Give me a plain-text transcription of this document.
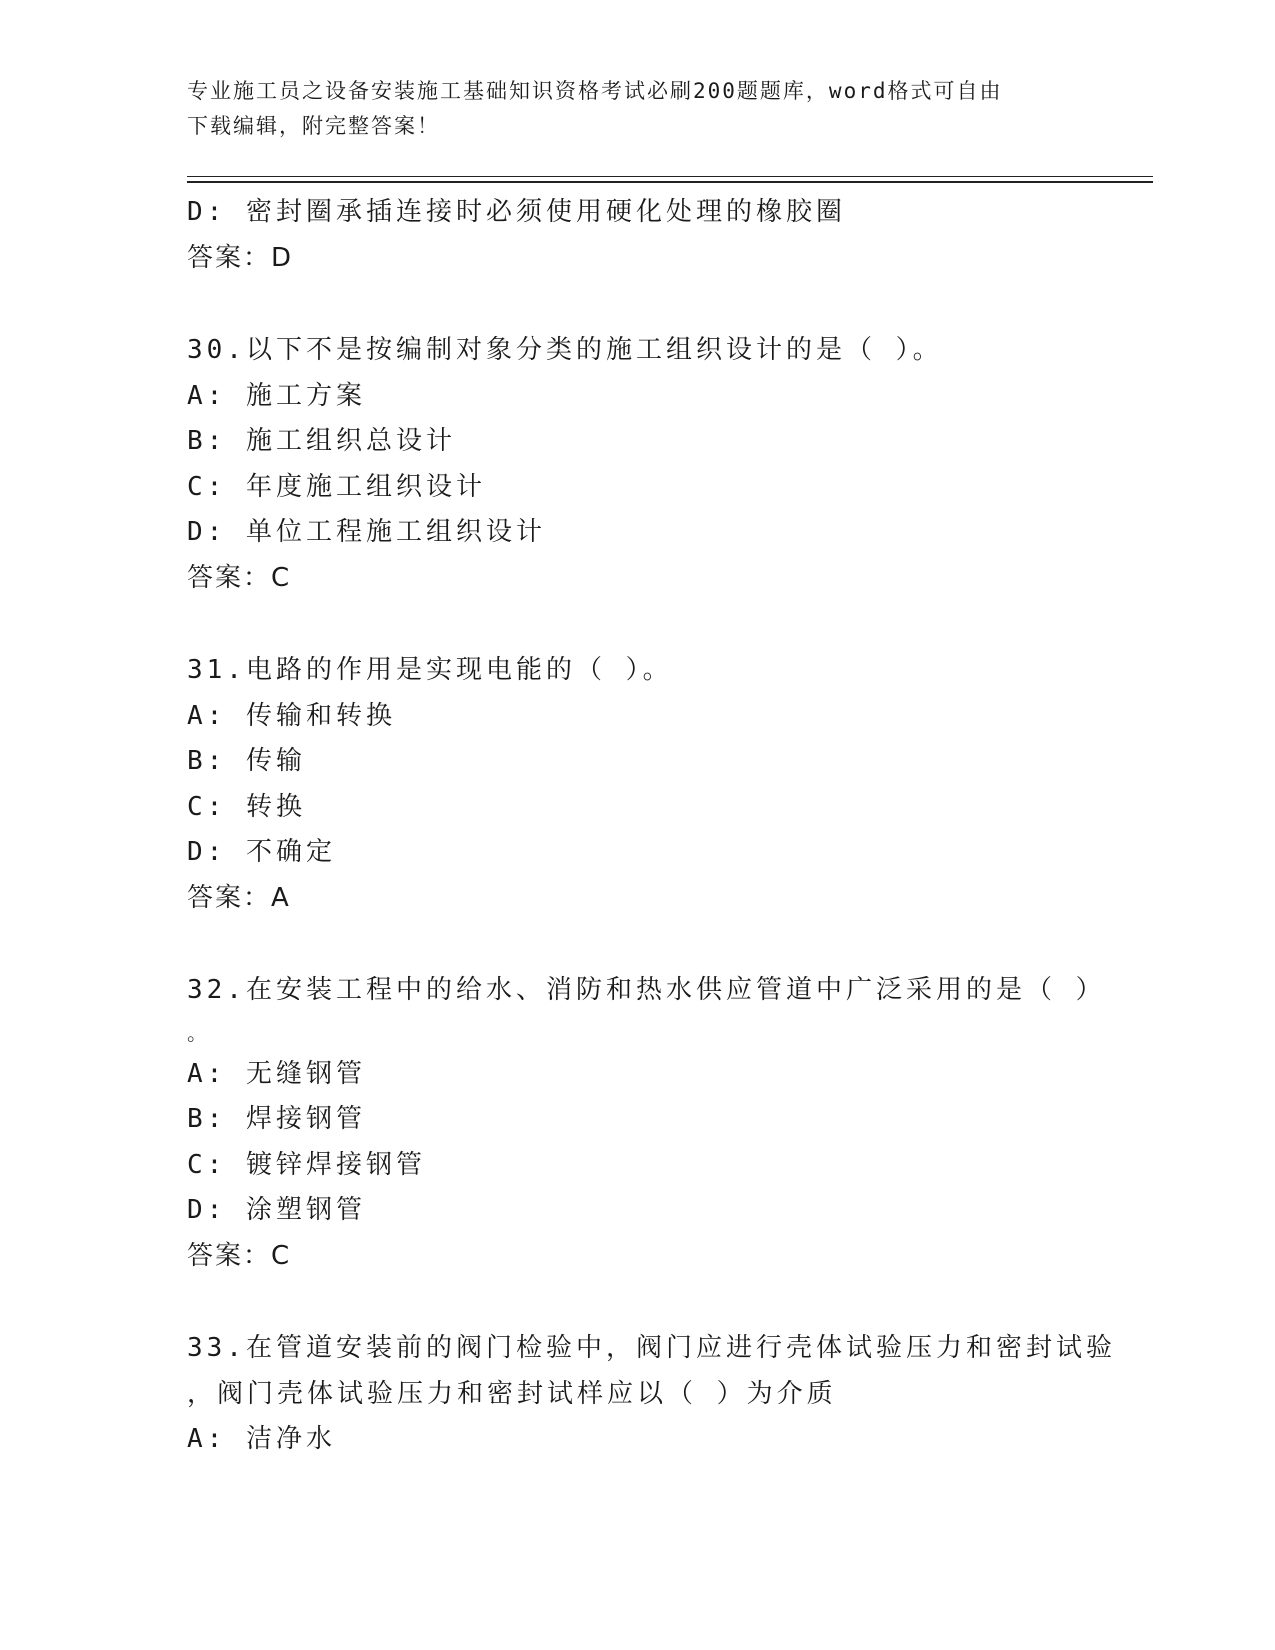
专业施工员之设备安装施工基础知识资格考试必刷200题题库，word格式可自由
下载编辑，附完整答案！
D: 密封圈承插连接时必须使用硬化处理的橡胶圈
答案：D
30.以下不是按编制对象分类的施工组织设计的是（ ）。
A: 施工方案
B: 施工组织总设计
C: 年度施工组织设计
D: 单位工程施工组织设计
答案：C
31.电路的作用是实现电能的（ ）。
A: 传输和转换
B: 传输
C: 转换
D: 不确定
答案：A
32.在安装工程中的给水、消防和热水供应管道中广泛采用的是（ ）
。
A: 无缝钢管
B: 焊接钢管
C: 镀锌焊接钢管
D: 涂塑钢管
答案：C
33.在管道安装前的阀门检验中，阀门应进行壳体试验压力和密封试验
，阀门壳体试验压力和密封试样应以（ ）为介质
A: 洁净水
